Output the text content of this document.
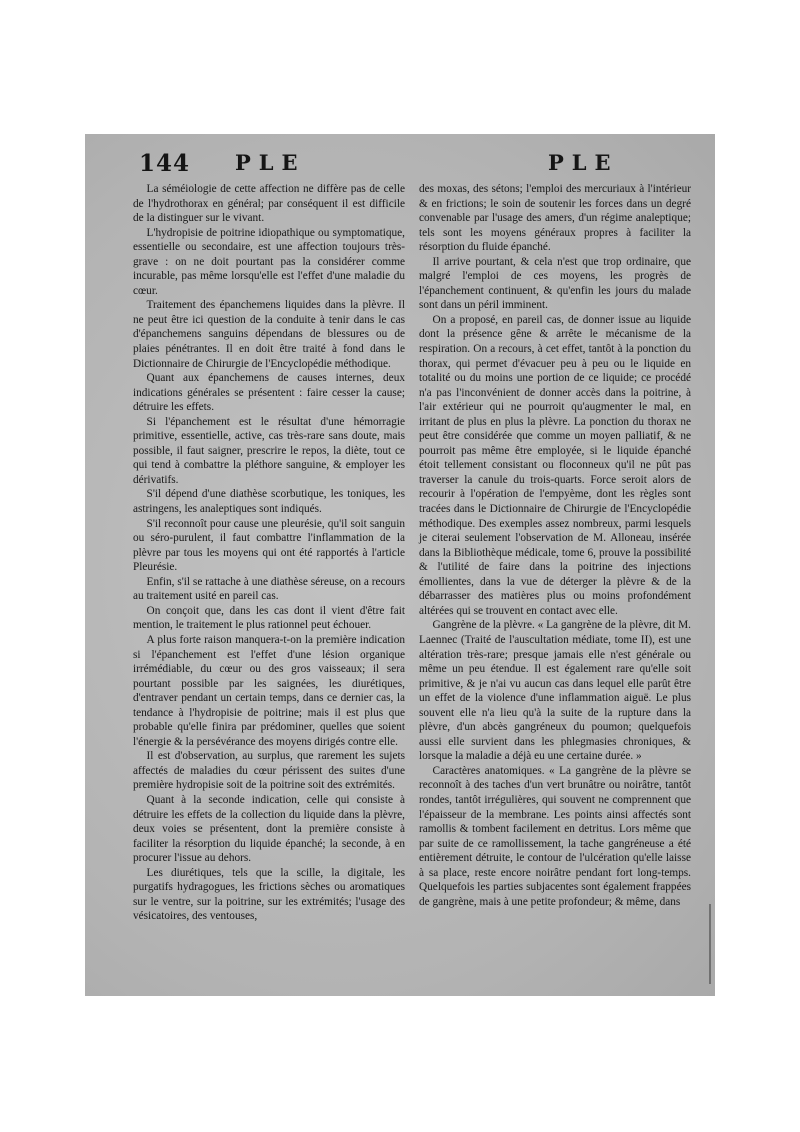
144 PLE	PLE

La séméiologie de cette affection ne diffère pas de celle de l'hydrothorax en général; par conséquent il est difficile de la distinguer sur le vivant.

L'hydropisie de poitrine idiopathique ou symptomatique, essentielle ou secondaire, est une affection toujours très-grave : on ne doit pourtant pas la considérer comme incurable, pas même lorsqu'elle est l'effet d'une maladie du cœur.

Traitement des épanchemens liquides dans la plèvre. Il ne peut être ici question de la conduite à tenir dans le cas d'épanchemens sanguins dépendans de blessures ou de plaies pénétrantes. Il en doit être traité à fond dans le Dictionnaire de Chirurgie de l'Encyclopédie méthodique.

Quant aux épanchemens de causes internes, deux indications générales se présentent : faire cesser la cause; détruire les effets.

Si l'épanchement est le résultat d'une hémorragie primitive, essentielle, active, cas très-rare sans doute, mais possible, il faut saigner, prescrire le repos, la diète, tout ce qui tend à combattre la pléthore sanguine, & employer les dérivatifs.

S'il dépend d'une diathèse scorbutique, les toniques, les astringens, les analeptiques sont indiqués.

S'il reconnoît pour cause une pleurésie, qu'il soit sanguin ou séro-purulent, il faut combattre l'inflammation de la plèvre par tous les moyens qui ont été rapportés à l'article Pleurésie.

Enfin, s'il se rattache à une diathèse séreuse, on a recours au traitement usité en pareil cas.

On conçoit que, dans les cas dont il vient d'être fait mention, le traitement le plus rationnel peut échouer.

A plus forte raison manquera-t-on la première indication si l'épanchement est l'effet d'une lésion organique irrémédiable, du cœur ou des gros vaisseaux; il sera pourtant possible par les saignées, les diurétiques, d'entraver pendant un certain temps, dans ce dernier cas, la tendance à l'hydropisie de poitrine; mais il est plus que probable qu'elle finira par prédominer, quelles que soient l'énergie & la persévérance des moyens dirigés contre elle.

Il est d'observation, au surplus, que rarement les sujets affectés de maladies du cœur périssent des suites d'une première hydropisie soit de la poitrine soit des extrémités.

Quant à la seconde indication, celle qui consiste à détruire les effets de la collection du liquide dans la plèvre, deux voies se présentent, dont la première consiste à faciliter la résorption du liquide épanché; la seconde, à en procurer l'issue au dehors.

Les diurétiques, tels que la scille, la digitale, les purgatifs hydragogues, les frictions sèches ou aromatiques sur le ventre, sur la poitrine, sur les extrémités; l'usage des vésicatoires, des ventouses,

des moxas, des sétons; l'emploi des mercuriaux à l'intérieur & en frictions; le soin de soutenir les forces dans un degré convenable par l'usage des amers, d'un régime analeptique; tels sont les moyens généraux propres à faciliter la résorption du fluide épanché.

Il arrive pourtant, & cela n'est que trop ordinaire, que malgré l'emploi de ces moyens, les progrès de l'épanchement continuent, & qu'enfin les jours du malade sont dans un péril imminent.

On a proposé, en pareil cas, de donner issue au liquide dont la présence gêne & arrête le mécanisme de la respiration. On a recours, à cet effet, tantôt à la ponction du thorax, qui permet d'évacuer peu à peu ou le liquide en totalité ou du moins une portion de ce liquide; ce procédé n'a pas l'inconvénient de donner accès dans la poitrine, à l'air extérieur qui ne pourroit qu'augmenter le mal, en irritant de plus en plus la plèvre. La ponction du thorax ne peut être considérée que comme un moyen palliatif, & ne pourroit pas même être employée, si le liquide épanché étoit tellement consistant ou floconneux qu'il ne pût pas traverser la canule du trois-quarts. Force seroit alors de recourir à l'opération de l'empyème, dont les règles sont tracées dans le Dictionnaire de Chirurgie de l'Encyclopédie méthodique. Des exemples assez nombreux, parmi lesquels je citerai seulement l'observation de M. Alloneau, insérée dans la Bibliothèque médicale, tome 6, prouve la possibilité & l'utilité de faire dans la poitrine des injections émollientes, dans la vue de déterger la plèvre & de la débarrasser des matières plus ou moins profondément altérées qui se trouvent en contact avec elle.

Gangrène de la plèvre. « La gangrène de la plèvre, dit M. Laennec (Traité de l'auscultation médiate, tome II), est une altération très-rare; presque jamais elle n'est générale ou même un peu étendue. Il est également rare qu'elle soit primitive, & je n'ai vu aucun cas dans lequel elle parût être un effet de la violence d'une inflammation aiguë. Le plus souvent elle n'a lieu qu'à la suite de la rupture dans la plèvre, d'un abcès gangréneux du poumon; quelquefois aussi elle survient dans les phlegmasies chroniques, & lorsque la maladie a déjà eu une certaine durée. »

Caractères anatomiques. « La gangrène de la plèvre se reconnoît à des taches d'un vert brunâtre ou noirâtre, tantôt rondes, tantôt irrégulières, qui souvent ne comprennent que l'épaisseur de la membrane. Les points ainsi affectés sont ramollis & tombent facilement en detritus. Lors même que par suite de ce ramollissement, la tache gangréneuse a été entièrement détruite, le contour de l'ulcération qu'elle laisse à sa place, reste encore noirâtre pendant fort long-temps. Quelquefois les parties subjacentes sont également frappées de gangrène, mais à une petite profondeur; & même, dans
